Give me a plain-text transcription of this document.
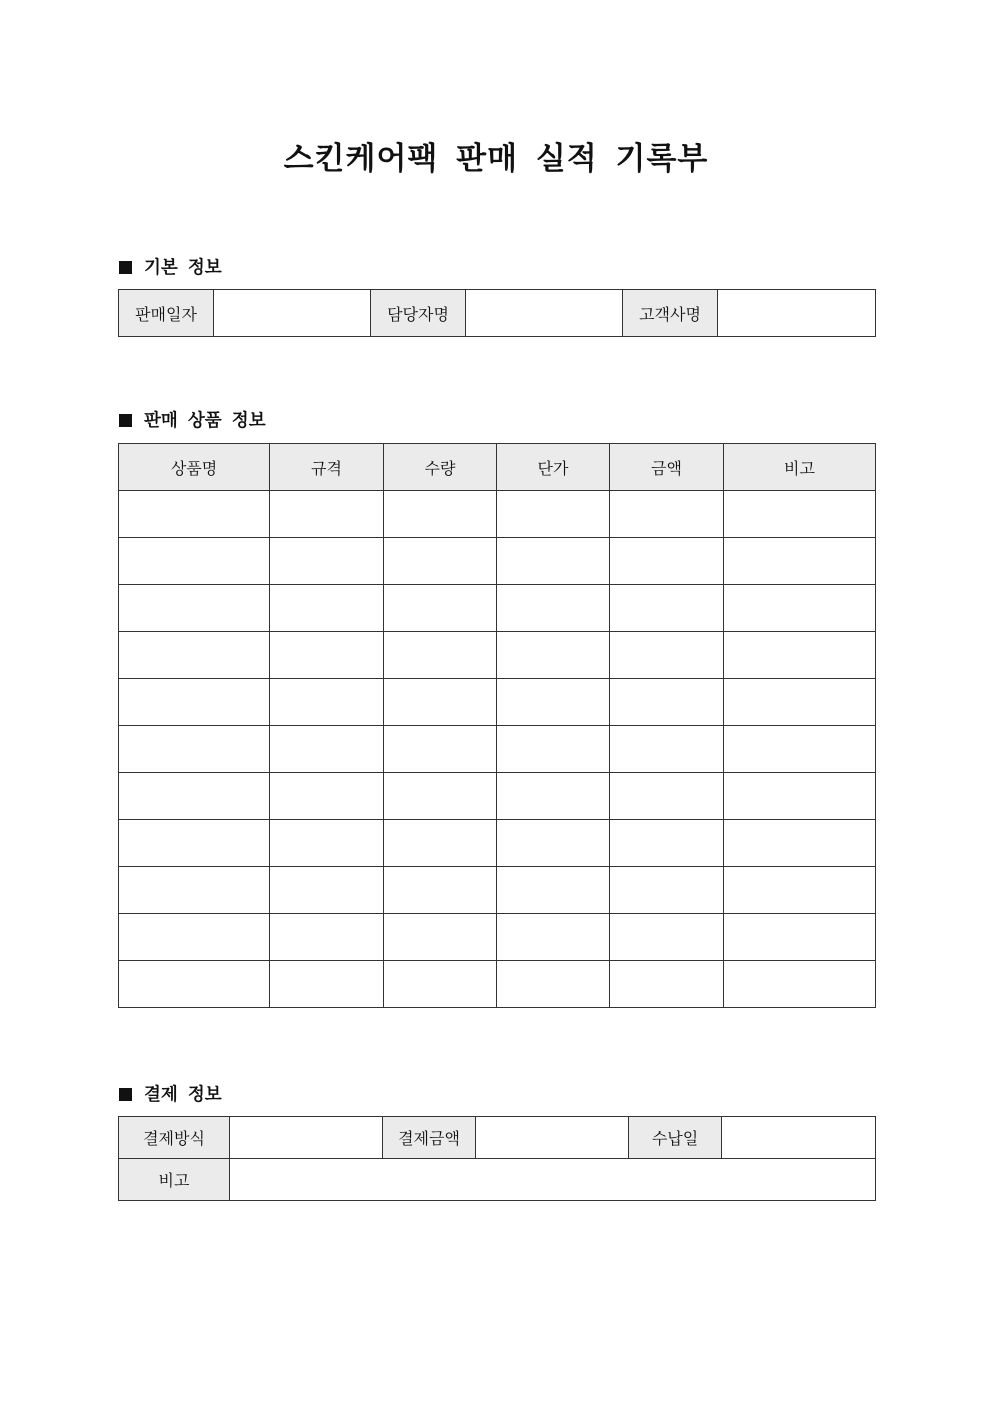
스킨케어팩 판매 실적 기록부
기본 정보
판매일자		담당자명		고객사명	
판매 상품 정보
상품명	규격	수량	단가	금액	비고

결제 정보
결제방식		결제금액		수납일	
비고					
